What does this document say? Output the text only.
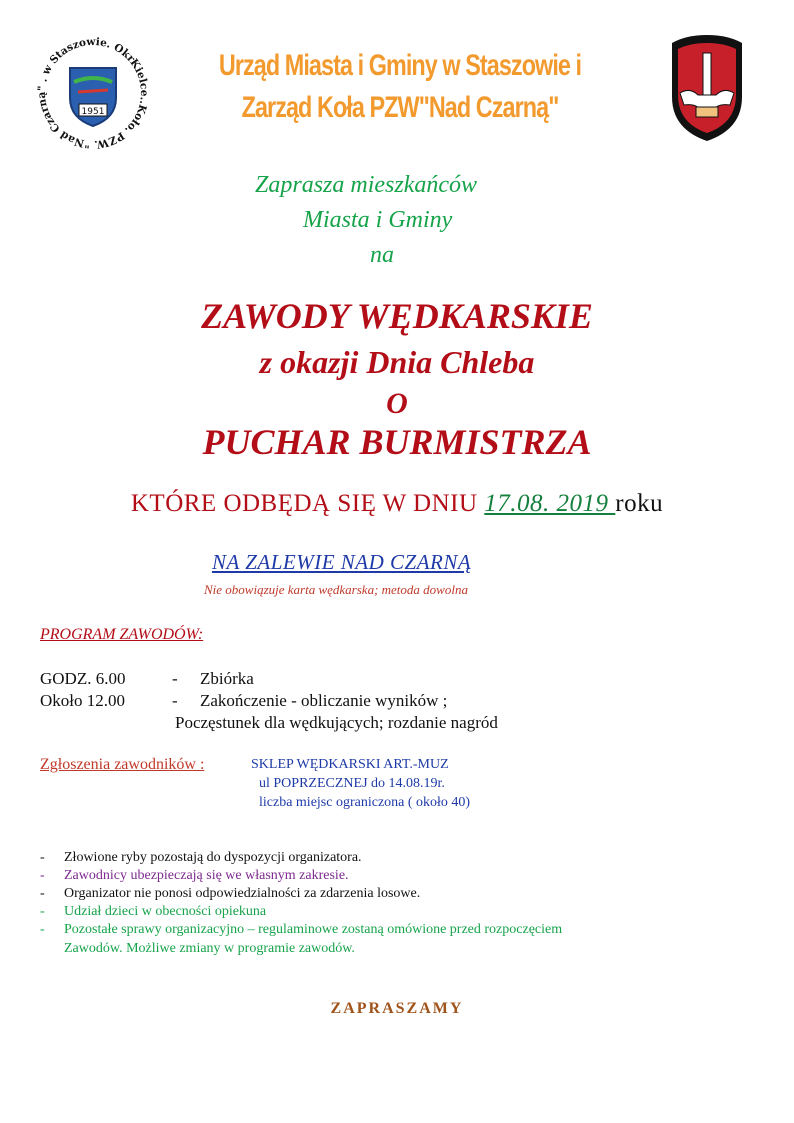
Kielce..Koło. PZW. "Nad Czarną" . w Staszowie. Okręg
1951
Urząd Miasta i Gminy w Staszowie i
Zarząd Koła PZW"Nad Czarną"
Zaprasza mieszkańców
Miasta i Gminy
na
ZAWODY WĘDKARSKIE
z okazji Dnia Chleba
O
PUCHAR BURMISTRZA
KTÓRE ODBĘDĄ SIĘ W DNIU 17.08. 2019 roku
NA ZALEWIE NAD CZARNĄ
Nie obowiązuje karta wędkarska; metoda dowolna
PROGRAM ZAWODÓW:
GODZ. 6.00	- Zbiórka
Około 12.00	- Zakończenie - obliczanie wyników ;
Poczęstunek dla wędkujących; rozdanie nagród
Zgłoszenia zawodników :	SKLEP WĘDKARSKI ART.-MUZ
ul POPRZECZNEJ do 14.08.19r.
liczba miejsc ograniczona ( około 40)
- Złowione ryby pozostają do dyspozycji organizatora.
- Zawodnicy ubezpieczają się we własnym zakresie.
- Organizator nie ponosi odpowiedzialności za zdarzenia losowe.
- Udział dzieci w obecności opiekuna
- Pozostałe sprawy organizacyjno – regulaminowe zostaną omówione przed rozpoczęciem
Zawodów. Możliwe zmiany w programie zawodów.
ZAPRASZAMY
